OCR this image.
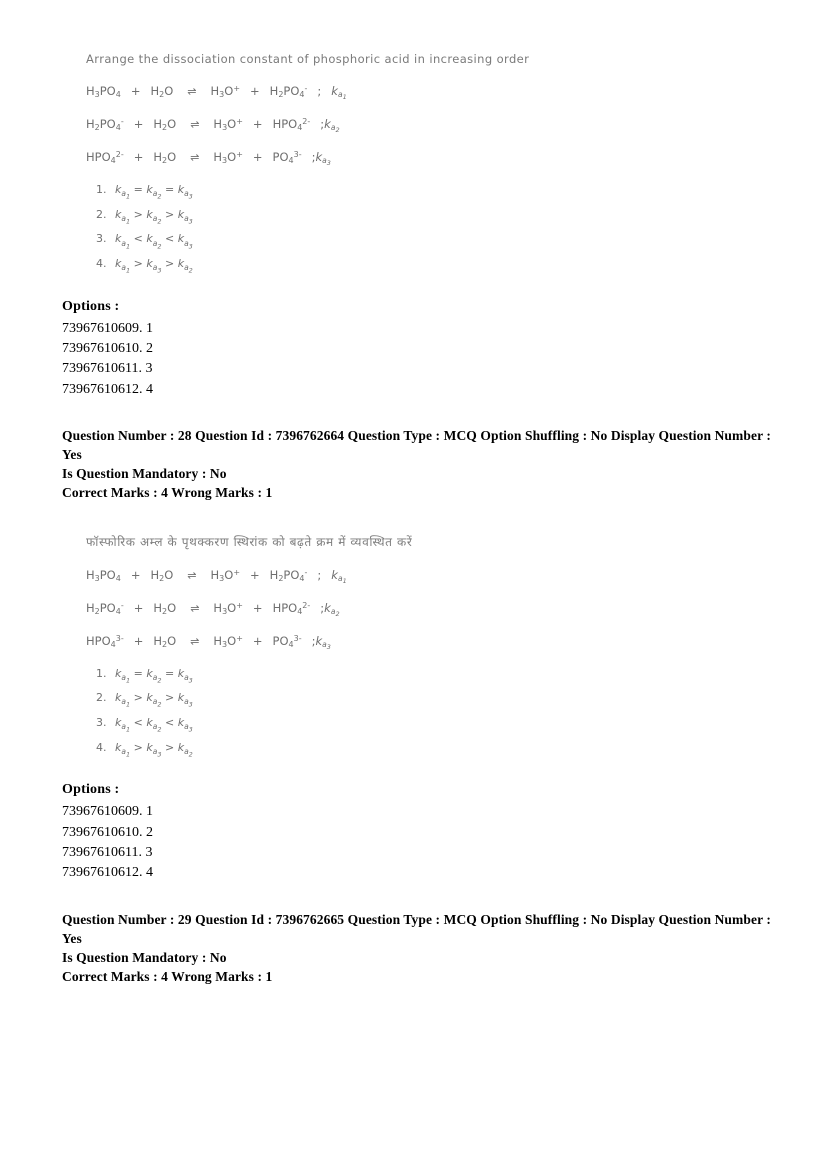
Arrange the dissociation constant of phosphoric acid in increasing order
$H_3PO_4 + H_2O$ ⇌ $H_3O^+ + H_2PO_4^-$ ; $k_{a_1}$
$H_2PO_4^- + H_2O$ ⇌ $H_3O^+ + HPO_4^{2-}$ $;k_{a_2}$
$HPO_4^{2-} + H_2O$ ⇌ $H_3O^+ + PO_4^{3-}$ $;k_{a_3}$
1. $k_{a_1} = k_{a_2} = k_{a_3}$
2. $k_{a_1} > k_{a_2} > k_{a_3}$
3. $k_{a_1} < k_{a_2} < k_{a_3}$
4. $k_{a_1} > k_{a_3} > k_{a_2}$
Options :
73967610609. 1
73967610610. 2
73967610611. 3
73967610612. 4
Question Number : 28 Question Id : 7396762664 Question Type : MCQ Option Shuffling : No Display Question Number : Yes
Is Question Mandatory : No
Correct Marks : 4 Wrong Marks : 1
फॉस्फोरिक अम्ल के पृथक्करण स्थिरांक को बढ़ते क्रम में व्यवस्थित करें
$H_3PO_4 + H_2O$ ⇌ $H_3O^+ + H_2PO_4^-$ ; $k_{a_1}$
$H_2PO_4^- + H_2O$ ⇌ $H_3O^+ + HPO_4^{2-}$ $;k_{a_2}$
$HPO_4^{3-} + H_2O$ ⇌ $H_3O^+ + PO_4^{3-}$ $;k_{a_3}$
1. $k_{a_1} = k_{a_2} = k_{a_3}$
2. $k_{a_1} > k_{a_2} > k_{a_3}$
3. $k_{a_1} < k_{a_2} < k_{a_3}$
4. $k_{a_1} > k_{a_3} > k_{a_2}$
Options :
73967610609. 1
73967610610. 2
73967610611. 3
73967610612. 4
Question Number : 29 Question Id : 7396762665 Question Type : MCQ Option Shuffling : No Display Question Number : Yes
Is Question Mandatory : No
Correct Marks : 4 Wrong Marks : 1
